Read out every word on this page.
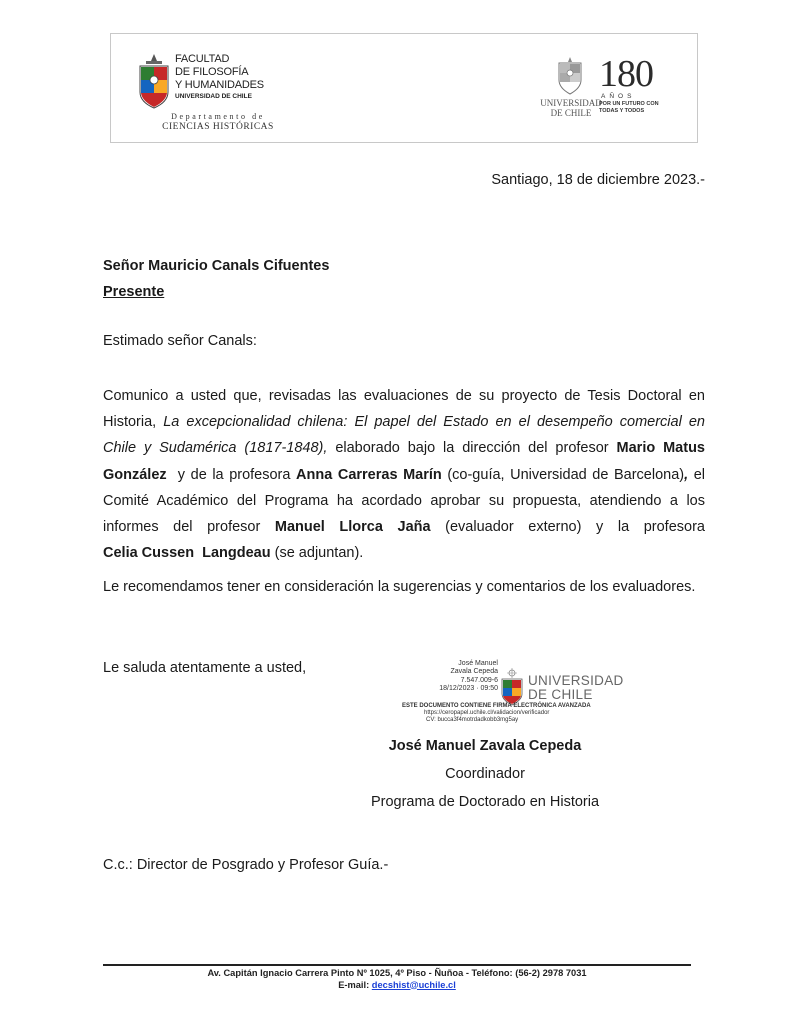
FACULTAD
DE FILOSOFÍA
Y HUMANIDADES
UNIVERSIDAD DE CHILE
Departamento de
CIENCIAS HISTÓRICAS
UNIVERSIDAD
DE CHILE
180
AÑOS
POR UN FUTURO CON
TODAS Y TODOS
Santiago, 18 de diciembre 2023.-
Señor Mauricio Canals Cifuentes
Presente
Estimado señor Canals:
Comunico a usted que, revisadas las evaluaciones de su proyecto de Tesis Doctoral en Historia, La excepcionalidad chilena: El papel del Estado en el desempeño comercial en Chile y Sudamérica (1817-1848), elaborado bajo la dirección del profesor Mario Matus González  y de la profesora Anna Carreras Marín (co-guía, Universidad de Barcelona), el Comité Académico del Programa ha acordado aprobar su propuesta, atendiendo a los informes del profesor Manuel Llorca Jaña (evaluador externo) y la profesora Celia Cussen  Langdeau (se adjuntan).
Le recomendamos tener en consideración la sugerencias y comentarios de los evaluadores.
Le saluda atentamente a usted,	José Manuel
Zavala Cepeda
7.547.009-6
18/12/2023 · 09:50
UNIVERSIDAD
DE CHILE
ESTE DOCUMENTO CONTIENE FIRMA ELECTRÓNICA AVANZADA
https://ceropapel.uchile.cl/validacion/verificador
CV: bucca3f4motrdadkobb3mg5ay
José Manuel Zavala Cepeda
Coordinador
Programa de Doctorado en Historia
C.c.: Director de Posgrado y Profesor Guía.-
Av. Capitán Ignacio Carrera Pinto Nº 1025, 4º Piso - Ñuñoa - Teléfono: (56-2) 2978 7031
E-mail: decshist@uchile.cl
